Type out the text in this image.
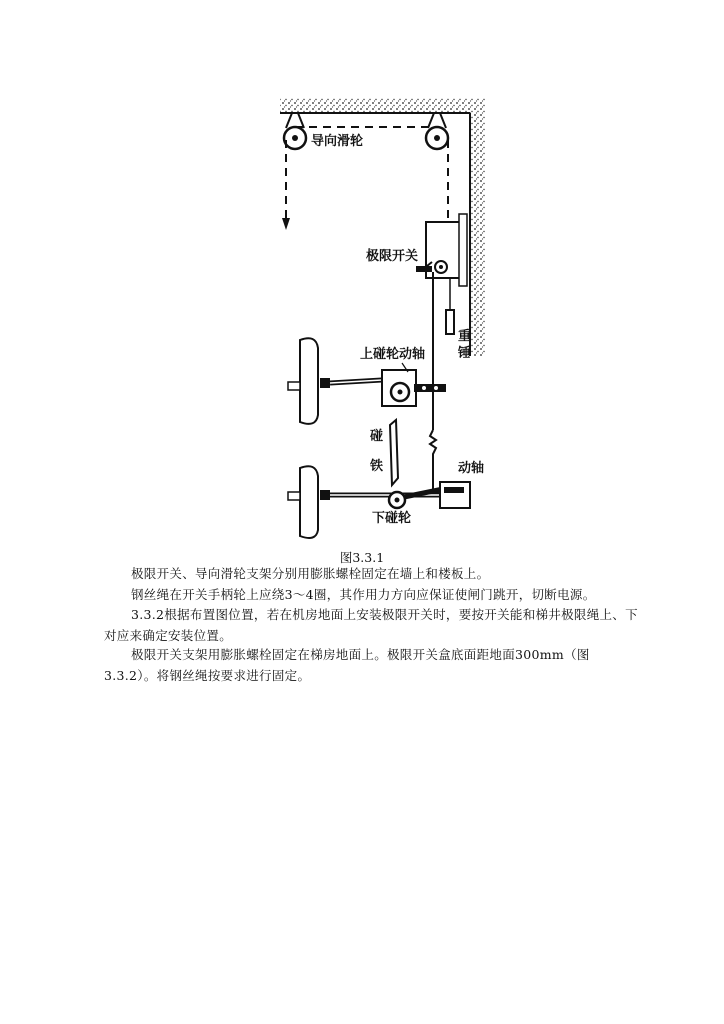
导向滑轮
极限开关
重
锤
上碰轮动轴
碰
铁	动轴
下碰轮
图3.3.1

极限开关、导向滑轮支架分别用膨胀螺栓固定在墙上和楼板上。

钢丝绳在开关手柄轮上应绕3～4圈，其作用力方向应保证使闸门跳开，切断电源。

3.3.2根据布置图位置，若在机房地面上安装极限开关时，要按开关能和梯井极限绳上、下对应来确定安装位置。

极限开关支架用膨胀螺栓固定在梯房地面上。极限开关盒底面距地面300mm（图3.3.2）。将钢丝绳按要求进行固定。
